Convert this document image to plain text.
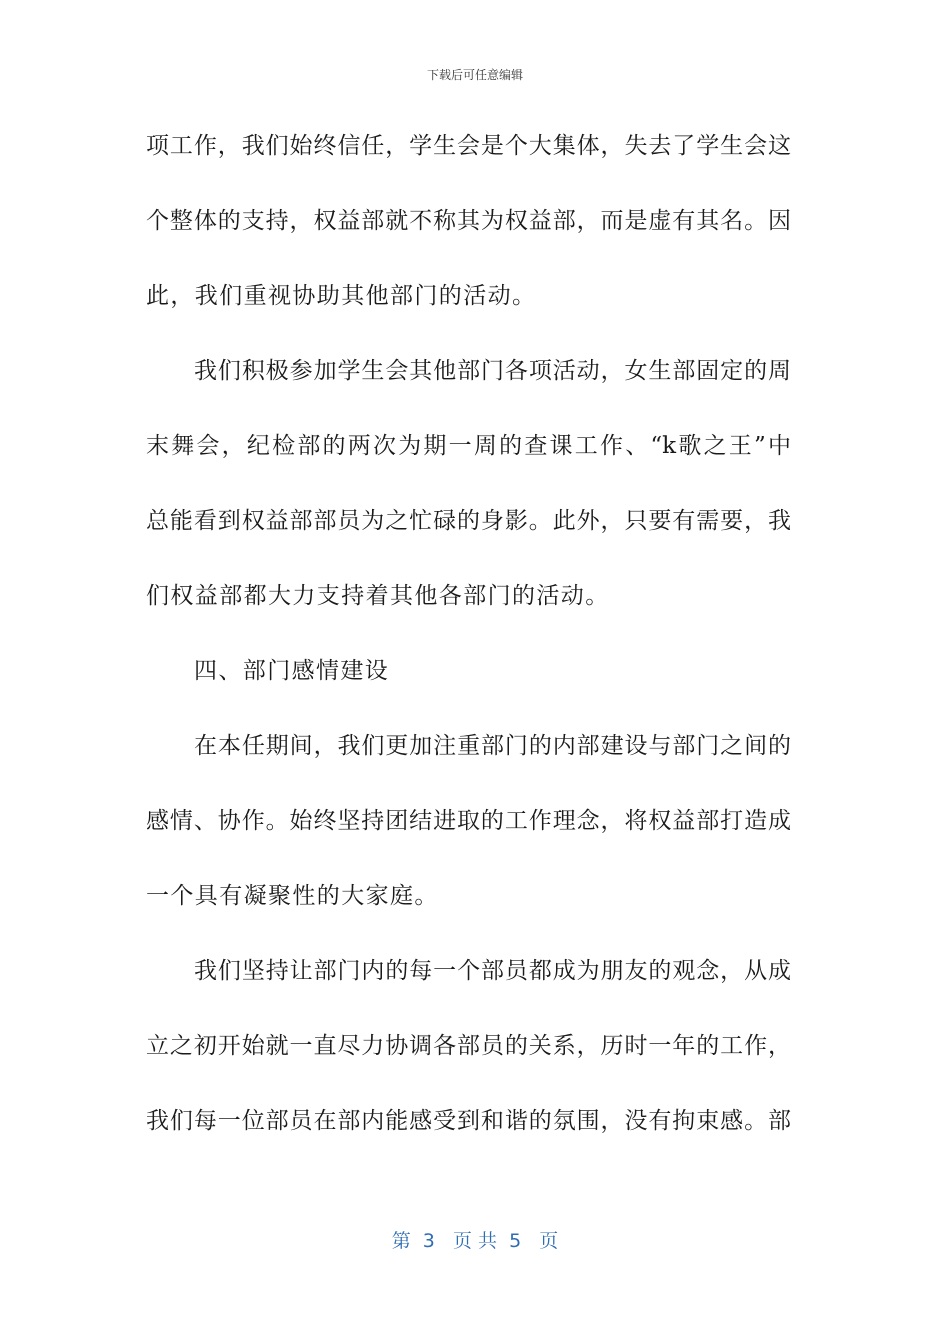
下载后可任意编辑
项工作，我们始终信任，学生会是个大集体，失去了学生会这
个整体的支持，权益部就不称其为权益部，而是虚有其名。因
此，我们重视协助其他部门的活动。
我们积极参加学生会其他部门各项活动，女生部固定的周
末舞会，纪检部的两次为期一周的查课工作、“k歌之王”中
总能看到权益部部员为之忙碌的身影。此外，只要有需要，我
们权益部都大力支持着其他各部门的活动。
四、部门感情建设
在本任期间，我们更加注重部门的内部建设与部门之间的
感情、协作。始终坚持团结进取的工作理念，将权益部打造成
一个具有凝聚性的大家庭。
我们坚持让部门内的每一个部员都成为朋友的观念，从成
立之初开始就一直尽力协调各部员的关系，历时一年的工作，
我们每一位部员在部内能感受到和谐的氛围，没有拘束感。部
第  3   页 共  5   页
